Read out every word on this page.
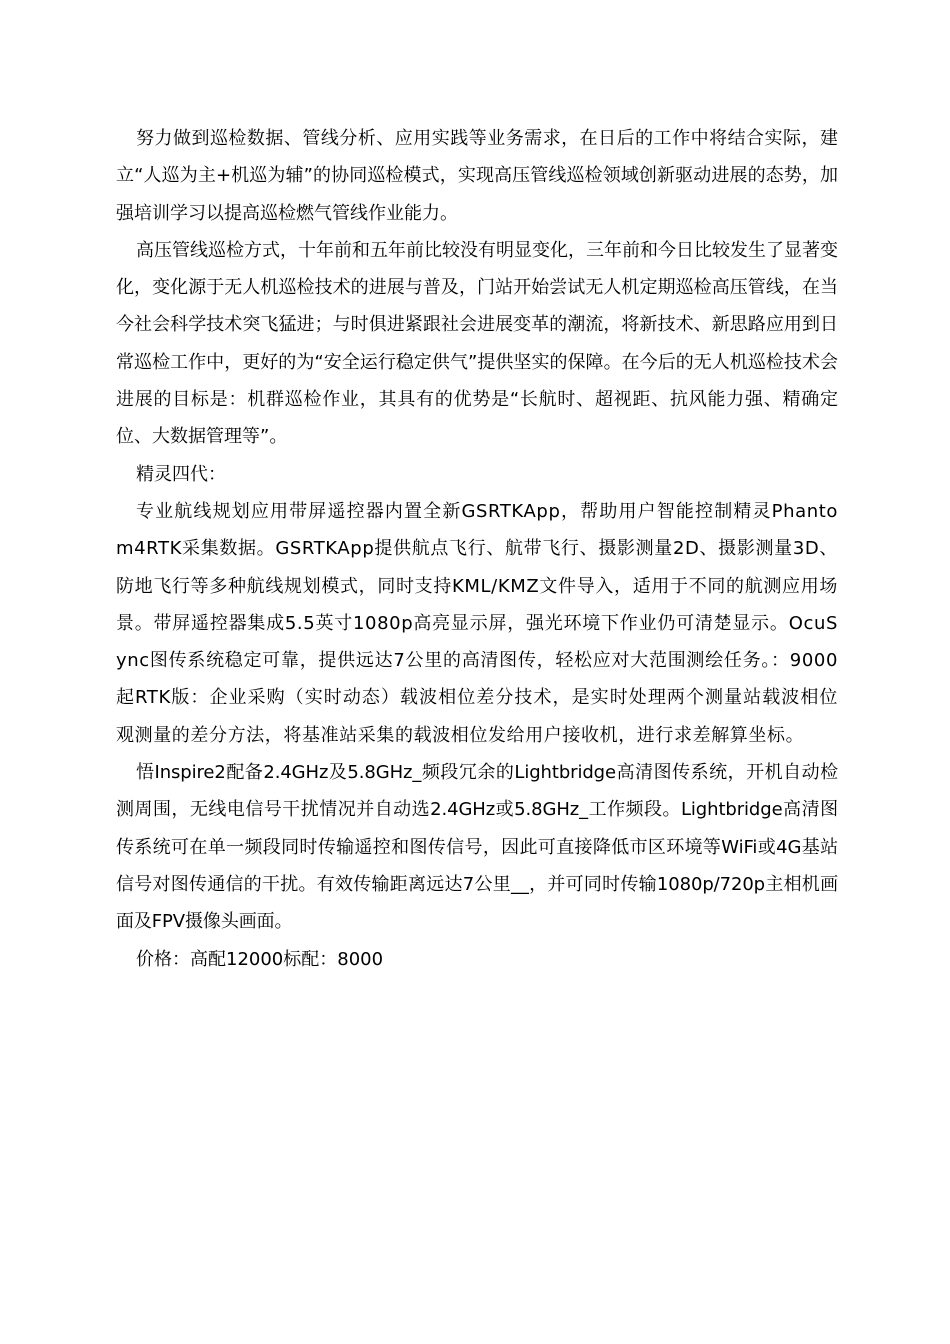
努力做到巡检数据、管线分析、应用实践等业务需求，在日后的工作中将结合实际，建立“人巡为主+机巡为辅”的协同巡检模式，实现高压管线巡检领域创新驱动进展的态势，加强培训学习以提高巡检燃气管线作业能力。

高压管线巡检方式，十年前和五年前比较没有明显变化，三年前和今日比较发生了显著变化，变化源于无人机巡检技术的进展与普及，门站开始尝试无人机定期巡检高压管线，在当今社会科学技术突飞猛进；与时俱进紧跟社会进展变革的潮流，将新技术、新思路应用到日常巡检工作中，更好的为“安全运行稳定供气”提供坚实的保障。在今后的无人机巡检技术会进展的目标是：机群巡检作业，其具有的优势是“长航时、超视距、抗风能力强、精确定位、大数据管理等”。

精灵四代：

专业航线规划应用带屏遥控器内置全新GSRTKApp，帮助用户智能控制精灵Phantom4RTK采集数据。GSRTKApp提供航点飞行、航带飞行、摄影测量2D、摄影测量3D、防地飞行等多种航线规划模式，同时支持KML/KMZ文件导入，适用于不同的航测应用场景。带屏遥控器集成5.5英寸1080p高亮显示屏，强光环境下作业仍可清楚显示。OcuSync图传系统稳定可靠，提供远达7公里的高清图传，轻松应对大范围测绘任务。：9000起RTK版：企业采购（实时动态）载波相位差分技术，是实时处理两个测量站载波相位观测量的差分方法，将基准站采集的载波相位发给用户接收机，进行求差解算坐标。

悟Inspire2配备2.4GHz及5.8GHz_频段冗余的Lightbridge高清图传系统，开机自动检测周围，无线电信号干扰情况并自动选2.4GHz或5.8GHz_工作频段。Lightbridge高清图传系统可在单一频段同时传输遥控和图传信号，因此可直接降低市区环境等WiFi或4G基站信号对图传通信的干扰。有效传输距离远达7公里__，并可同时传输1080p/720p主相机画面及FPV摄像头画面。

价格：高配12000标配：8000
